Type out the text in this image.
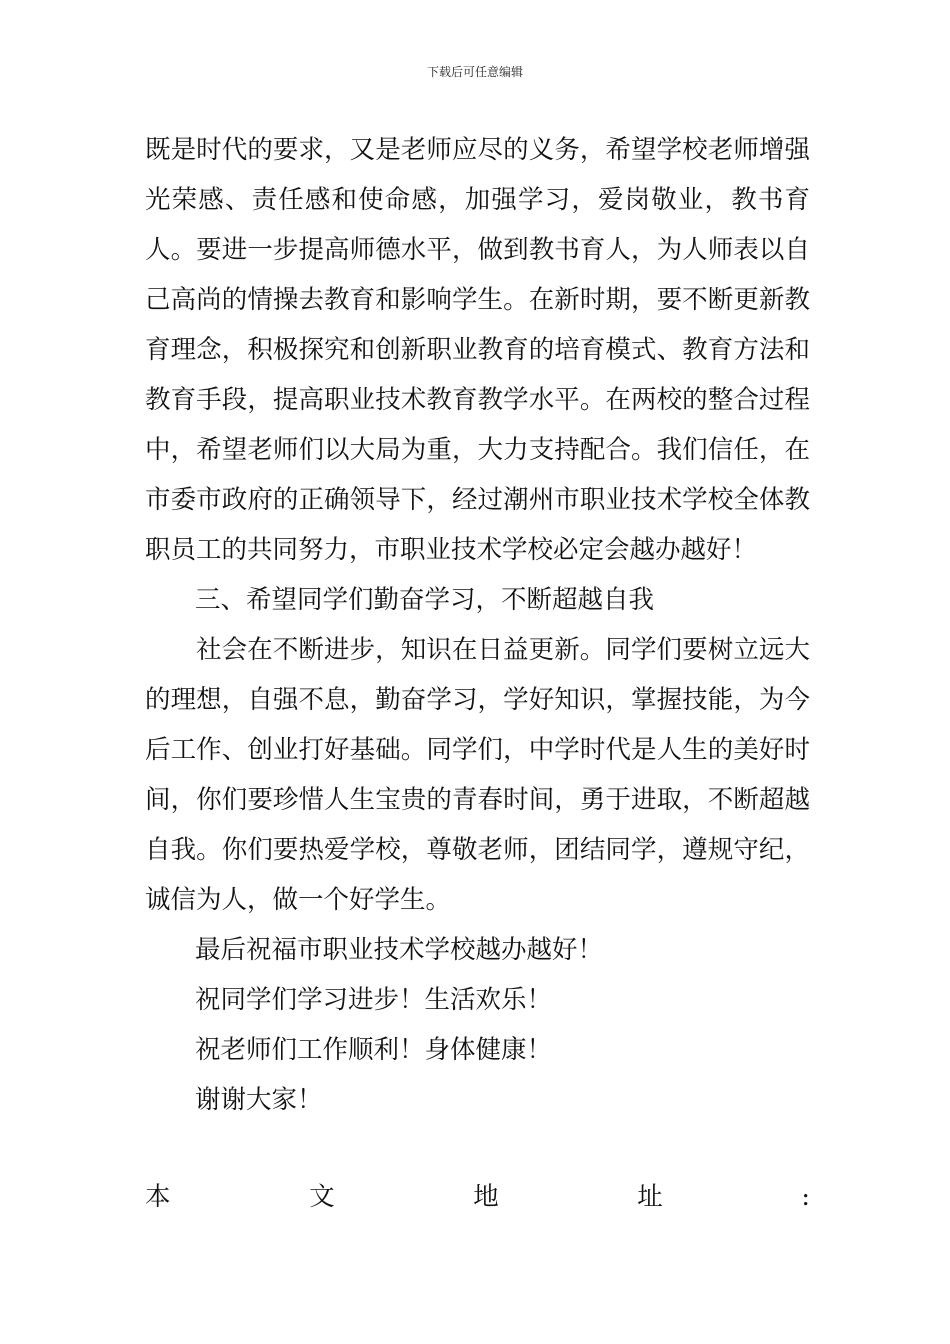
下载后可任意编辑

既是时代的要求，又是老师应尽的义务，希望学校老师增强光荣感、责任感和使命感，加强学习，爱岗敬业，教书育人。要进一步提高师德水平，做到教书育人，为人师表以自己高尚的情操去教育和影响学生。在新时期，要不断更新教育理念，积极探究和创新职业教育的培育模式、教育方法和教育手段，提高职业技术教育教学水平。在两校的整合过程中，希望老师们以大局为重，大力支持配合。我们信任，在市委市政府的正确领导下，经过潮州市职业技术学校全体教职员工的共同努力，市职业技术学校必定会越办越好！

三、希望同学们勤奋学习，不断超越自我

社会在不断进步，知识在日益更新。同学们要树立远大的理想，自强不息，勤奋学习，学好知识，掌握技能，为今后工作、创业打好基础。同学们，中学时代是人生的美好时间，你们要珍惜人生宝贵的青春时间，勇于进取，不断超越自我。你们要热爱学校，尊敬老师，团结同学，遵规守纪，诚信为人，做一个好学生。

最后祝福市职业技术学校越办越好！

祝同学们学习进步！生活欢乐！

祝老师们工作顺利！身体健康！

谢谢大家！

本	文	地	址	:
